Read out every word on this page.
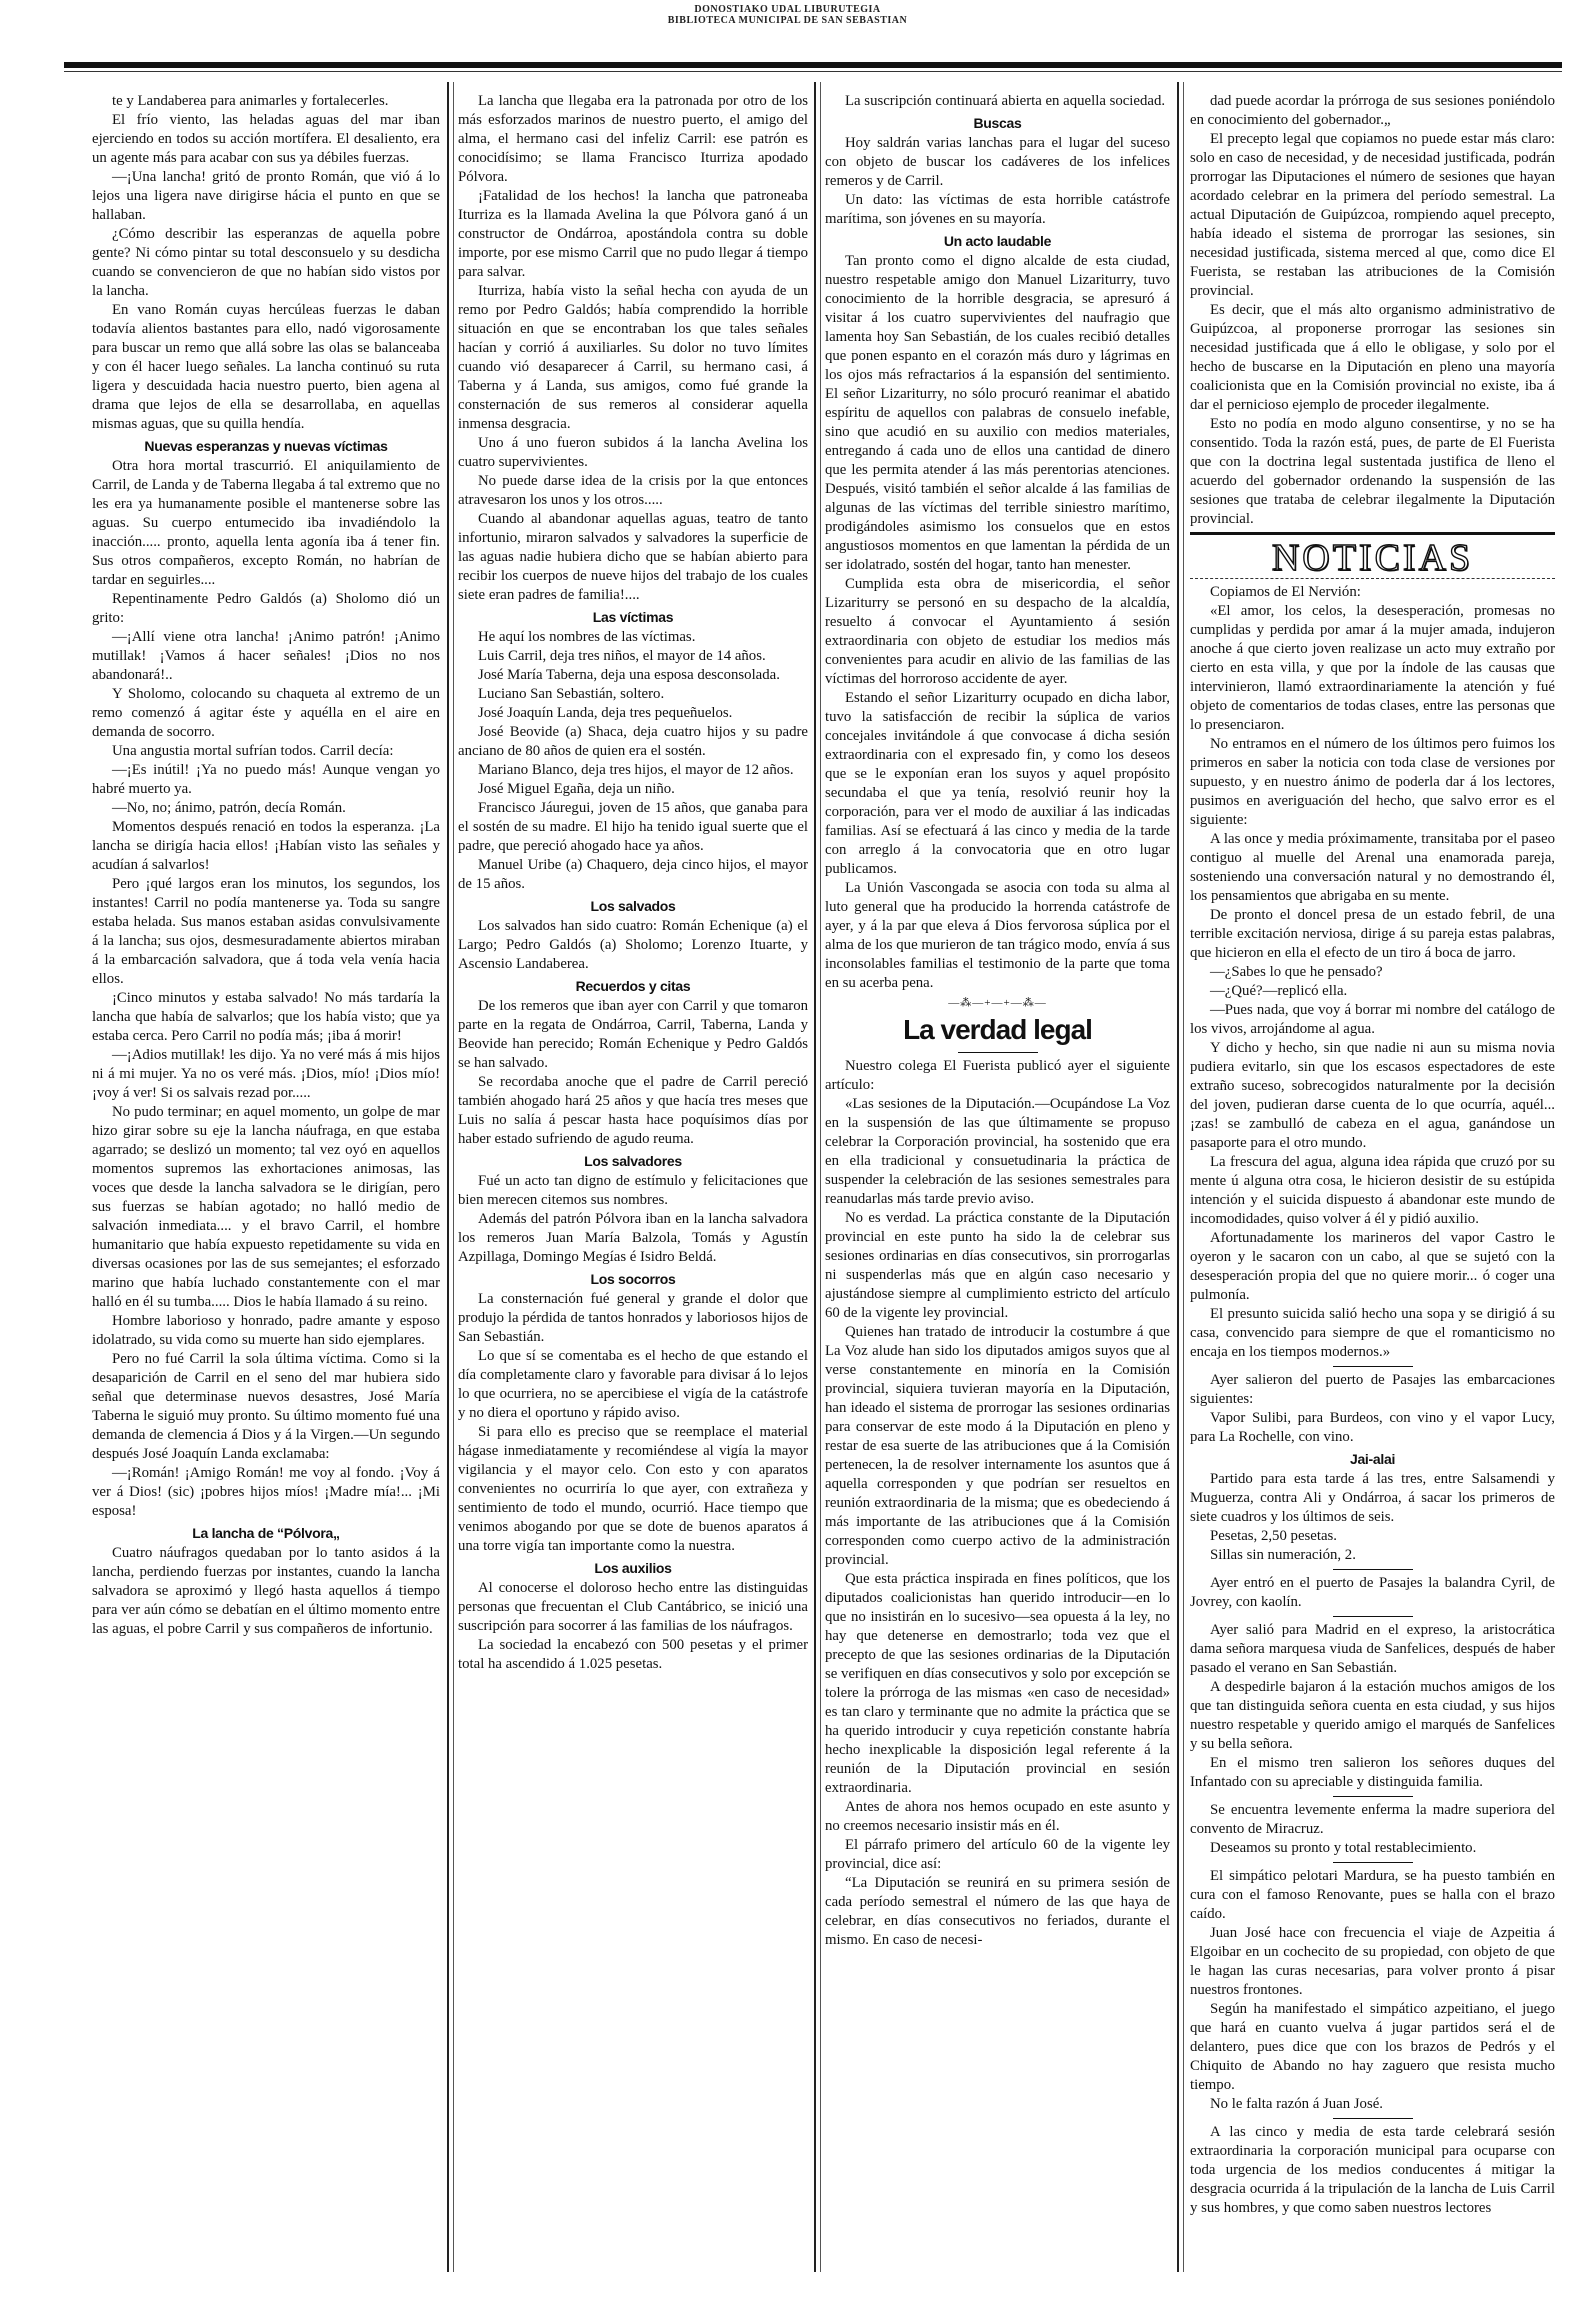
DONOSTIAKO UDAL LIBURUTEGIA
BIBLIOTECA MUNICIPAL DE SAN SEBASTIAN

te y Landaberea para animarles y fortalecerles.

El frío viento, las heladas aguas del mar iban ejerciendo en todos su acción mortífera. El desaliento, era un agente más para acabar con sus ya débiles fuerzas.

—¡Una lancha! gritó de pronto Román, que vió á lo lejos una ligera nave dirigirse hácia el punto en que se hallaban.

¿Cómo describir las esperanzas de aquella pobre gente? Ni cómo pintar su total desconsuelo y su desdicha cuando se convencieron de que no habían sido vistos por la lancha.

En vano Román cuyas hercúleas fuerzas le daban todavía alientos bastantes para ello, nadó vigorosamente para buscar un remo que allá sobre las olas se balanceaba y con él hacer luego señales. La lancha continuó su ruta ligera y descuidada hacia nuestro puerto, bien agena al drama que lejos de ella se desarrollaba, en aquellas mismas aguas, que su quilla hendía.

Nuevas esperanzas y nuevas víctimas

Otra hora mortal trascurrió. El aniquilamiento de Carril, de Landa y de Taberna llegaba á tal extremo que no les era ya humanamente posible el mantenerse sobre las aguas. Su cuerpo entumecido iba invadiéndolo la inacción..... pronto, aquella lenta agonía iba á tener fin. Sus otros compañeros, excepto Román, no habrían de tardar en seguirles....

Repentinamente Pedro Galdós (a) Sholomo dió un grito:

—¡Allí viene otra lancha! ¡Animo patrón! ¡Animo mutillak! ¡Vamos á hacer señales! ¡Dios no nos abandonará!..

Y Sholomo, colocando su chaqueta al extremo de un remo comenzó á agitar éste y aquélla en el aire en demanda de socorro.

Una angustia mortal sufrían todos. Carril decía:

—¡Es inútil! ¡Ya no puedo más! Aunque vengan yo habré muerto ya.

—No, no; ánimo, patrón, decía Román.

Momentos después renació en todos la esperanza. ¡La lancha se dirigía hacia ellos! ¡Habían visto las señales y acudían á salvarlos!

Pero ¡qué largos eran los minutos, los segundos, los instantes! Carril no podía mantenerse ya. Toda su sangre estaba helada. Sus manos estaban asidas convulsivamente á la lancha; sus ojos, desmesuradamente abiertos miraban á la embarcación salvadora, que á toda vela venía hacia ellos.

¡Cinco minutos y estaba salvado! No más tardaría la lancha que había de salvarlos; que los había visto; que ya estaba cerca. Pero Carril no podía más; ¡iba á morir!

—¡Adios mutillak! les dijo. Ya no veré más á mis hijos ni á mi mujer. Ya no os veré más. ¡Dios, mío! ¡Dios mío! ¡voy á ver! Si os salvais rezad por.....

No pudo terminar; en aquel momento, un golpe de mar hizo girar sobre su eje la lancha náufraga, en que estaba agarrado; se deslizó un momento; tal vez oyó en aquellos momentos supremos las exhortaciones animosas, las voces que desde la lancha salvadora se le dirigían, pero sus fuerzas se habían agotado; no halló medio de salvación inmediata.... y el bravo Carril, el hombre humanitario que había expuesto repetidamente su vida en diversas ocasiones por las de sus semejantes; el esforzado marino que había luchado constantemente con el mar halló en él su tumba..... Dios le había llamado á su reino.

Hombre laborioso y honrado, padre amante y esposo idolatrado, su vida como su muerte han sido ejemplares.

Pero no fué Carril la sola última víctima. Como si la desaparición de Carril en el seno del mar hubiera sido señal que determinase nuevos desastres, José María Taberna le siguió muy pronto. Su último momento fué una demanda de clemencia á Dios y á la Virgen.—Un segundo después José Joaquín Landa exclamaba:

—¡Román! ¡Amigo Román! me voy al fondo. ¡Voy á ver á Dios! (sic) ¡pobres hijos míos! ¡Madre mía!... ¡Mi esposa!

La lancha de “Pólvora„

Cuatro náufragos quedaban por lo tanto asidos á la lancha, perdiendo fuerzas por instantes, cuando la lancha salvadora se aproximó y llegó hasta aquellos á tiempo para ver aún cómo se debatían en el último momento entre las aguas, el pobre Carril y sus compañeros de infortunio.

La lancha que llegaba era la patronada por otro de los más esforzados marinos de nuestro puerto, el amigo del alma, el hermano casi del infeliz Carril: ese patrón es conocidísimo; se llama Francisco Iturriza apodado Pólvora.

¡Fatalidad de los hechos! la lancha que patroneaba Iturriza es la llamada Avelina la que Pólvora ganó á un constructor de Ondárroa, apostándola contra su doble importe, por ese mismo Carril que no pudo llegar á tiempo para salvar.

Iturriza, había visto la señal hecha con ayuda de un remo por Pedro Galdós; había comprendido la horrible situación en que se encontraban los que tales señales hacían y corrió á auxiliarles. Su dolor no tuvo límites cuando vió desaparecer á Carril, su hermano casi, á Taberna y á Landa, sus amigos, como fué grande la consternación de sus remeros al considerar aquella inmensa desgracia.

Uno á uno fueron subidos á la lancha Avelina los cuatro supervivientes.

No puede darse idea de la crisis por la que entonces atravesaron los unos y los otros.....

Cuando al abandonar aquellas aguas, teatro de tanto infortunio, miraron salvados y salvadores la superficie de las aguas nadie hubiera dicho que se habían abierto para recibir los cuerpos de nueve hijos del trabajo de los cuales siete eran padres de familia!....

Las víctimas

He aquí los nombres de las víctimas.

Luis Carril, deja tres niños, el mayor de 14 años.

José María Taberna, deja una esposa desconsolada.

Luciano San Sebastián, soltero.

José Joaquín Landa, deja tres pequeñuelos.

José Beovide (a) Shaca, deja cuatro hijos y su padre anciano de 80 años de quien era el sostén.

Mariano Blanco, deja tres hijos, el mayor de 12 años.

José Miguel Egaña, deja un niño.

Francisco Jáuregui, joven de 15 años, que ganaba para el sostén de su madre. El hijo ha tenido igual suerte que el padre, que pereció ahogado hace ya años.

Manuel Uribe (a) Chaquero, deja cinco hijos, el mayor de 15 años.

Los salvados

Los salvados han sido cuatro: Román Echenique (a) el Largo; Pedro Galdós (a) Sholomo; Lorenzo Ituarte, y Ascensio Landaberea.

Recuerdos y citas

De los remeros que iban ayer con Carril y que tomaron parte en la regata de Ondárroa, Carril, Taberna, Landa y Beovide han perecido; Román Echenique y Pedro Galdós se han salvado.

Se recordaba anoche que el padre de Carril pereció también ahogado hará 25 años y que hacía tres meses que Luis no salía á pescar hasta hace poquísimos días por haber estado sufriendo de agudo reuma.

Los salvadores

Fué un acto tan digno de estímulo y felicitaciones que bien merecen citemos sus nombres.

Además del patrón Pólvora iban en la lancha salvadora los remeros Juan María Balzola, Tomás y Agustín Azpillaga, Domingo Megías é Isidro Beldá.

Los socorros

La consternación fué general y grande el dolor que produjo la pérdida de tantos honrados y laboriosos hijos de San Sebastián.

Lo que sí se comentaba es el hecho de que estando el día completamente claro y favorable para divisar á lo lejos lo que ocurriera, no se apercibiese el vigía de la catástrofe y no diera el oportuno y rápido aviso.

Si para ello es preciso que se reemplace el material hágase inmediatamente y recomiéndese al vigía la mayor vigilancia y el mayor celo. Con esto y con aparatos convenientes no ocurriría lo que ayer, con extrañeza y sentimiento de todo el mundo, ocurrió. Hace tiempo que venimos abogando por que se dote de buenos aparatos á una torre vigía tan importante como la nuestra.

Los auxilios

Al conocerse el doloroso hecho entre las distinguidas personas que frecuentan el Club Cantábrico, se inició una suscripción para socorrer á las familias de los náufragos.

La sociedad la encabezó con 500 pesetas y el primer total ha ascendido á 1.025 pesetas.

La suscripción continuará abierta en aquella sociedad.

Buscas

Hoy saldrán varias lanchas para el lugar del suceso con objeto de buscar los cadáveres de los infelices remeros y de Carril.

Un dato: las víctimas de esta horrible catástrofe marítima, son jóvenes en su mayoría.

Un acto laudable

Tan pronto como el digno alcalde de esta ciudad, nuestro respetable amigo don Manuel Lizariturry, tuvo conocimiento de la horrible desgracia, se apresuró á visitar á los cuatro supervivientes del naufragio que lamenta hoy San Sebastián, de los cuales recibió detalles que ponen espanto en el corazón más duro y lágrimas en los ojos más refractarios á la espansión del sentimiento. El señor Lizariturry, no sólo procuró reanimar el abatido espíritu de aquellos con palabras de consuelo inefable, sino que acudió en su auxilio con medios materiales, entregando á cada uno de ellos una cantidad de dinero que les permita atender á las más perentorias atenciones. Después, visitó también el señor alcalde á las familias de algunas de las víctimas del terrible siniestro marítimo, prodigándoles asimismo los consuelos que en estos angustiosos momentos en que lamentan la pérdida de un ser idolatrado, sostén del hogar, tanto han menester.

Cumplida esta obra de misericordia, el señor Lizariturry se personó en su despacho de la alcaldía, resuelto á convocar el Ayuntamiento á sesión extraordinaria con objeto de estudiar los medios más convenientes para acudir en alivio de las familias de las víctimas del horroroso accidente de ayer.

Estando el señor Lizariturry ocupado en dicha labor, tuvo la satisfacción de recibir la súplica de varios concejales invitándole á que convocase á dicha sesión extraordinaria con el expresado fin, y como los deseos que se le exponían eran los suyos y aquel propósito secundaba el que ya tenía, resolvió reunir hoy la corporación, para ver el modo de auxiliar á las indicadas familias. Así se efectuará á las cinco y media de la tarde con arreglo á la convocatoria que en otro lugar publicamos.

La Unión Vascongada se asocia con toda su alma al luto general que ha producido la horrenda catástrofe de ayer, y á la par que eleva á Dios fervorosa súplica por el alma de los que murieron de tan trágico modo, envía á sus inconsolables familias el testimonio de la parte que toma en su acerba pena.

—⁂—+—+—⁂—
La verdad legal

Nuestro colega El Fuerista publicó ayer el siguiente artículo:

«Las sesiones de la Diputación.—Ocupándose La Voz en la suspensión de las que últimamente se propuso celebrar la Corporación provincial, ha sostenido que era en ella tradicional y consuetudinaria la práctica de suspender la celebración de las sesiones semestrales para reanudarlas más tarde previo aviso.

No es verdad. La práctica constante de la Diputación provincial en este punto ha sido la de celebrar sus sesiones ordinarias en días consecutivos, sin prorrogarlas ni suspenderlas más que en algún caso necesario y ajustándose siempre al cumplimiento estricto del artículo 60 de la vigente ley provincial.

Quienes han tratado de introducir la costumbre á que La Voz alude han sido los diputados amigos suyos que al verse constantemente en minoría en la Comisión provincial, siquiera tuvieran mayoría en la Diputación, han ideado el sistema de prorrogar las sesiones ordinarias para conservar de este modo á la Diputación en pleno y restar de esa suerte de las atribuciones que á la Comisión pertenecen, la de resolver internamente los asuntos que á aquella corresponden y que podrían ser resueltos en reunión extraordinaria de la misma; que es obedeciendo á más importante de las atribuciones que á la Comisión corresponden como cuerpo activo de la administración provincial.

Que esta práctica inspirada en fines políticos, que los diputados coalicionistas han querido introducir—en lo que no insistirán en lo sucesivo—sea opuesta á la ley, no hay que detenerse en demostrarlo; toda vez que el precepto de que las sesiones ordinarias de la Diputación se verifiquen en días consecutivos y solo por excepción se tolere la prórroga de las mismas «en caso de necesidad» es tan claro y terminante que no admite la práctica que se ha querido introducir y cuya repetición constante habría hecho inexplicable la disposición legal referente á la reunión de la Diputación provincial en sesión extraordinaria.

Antes de ahora nos hemos ocupado en este asunto y no creemos necesario insistir más en él.

El párrafo primero del artículo 60 de la vigente ley provincial, dice así:

“La Diputación se reunirá en su primera sesión de cada período semestral el número de las que haya de celebrar, en días consecutivos no feriados, durante el mismo. En caso de necesi-

dad puede acordar la prórroga de sus sesiones poniéndolo en conocimiento del gobernador.„

El precepto legal que copiamos no puede estar más claro: solo en caso de necesidad, y de necesidad justificada, podrán prorrogar las Diputaciones el número de sesiones que hayan acordado celebrar en la primera del período semestral. La actual Diputación de Guipúzcoa, rompiendo aquel precepto, había ideado el sistema de prorrogar las sesiones, sin necesidad justificada, sistema merced al que, como dice El Fuerista, se restaban las atribuciones de la Comisión provincial.

Es decir, que el más alto organismo administrativo de Guipúzcoa, al proponerse prorrogar las sesiones sin necesidad justificada que á ello le obligase, y solo por el hecho de buscarse en la Diputación en pleno una mayoría coalicionista que en la Comisión provincial no existe, iba á dar el pernicioso ejemplo de proceder ilegalmente.

Esto no podía en modo alguno consentirse, y no se ha consentido. Toda la razón está, pues, de parte de El Fuerista que con la doctrina legal sustentada justifica de lleno el acuerdo del gobernador ordenando la suspensión de las sesiones que trataba de celebrar ilegalmente la Diputación provincial.

NOTICIAS

Copiamos de El Nervión:

«El amor, los celos, la desesperación, promesas no cumplidas y perdida por amar á la mujer amada, indujeron anoche á que cierto joven realizase un acto muy extraño por cierto en esta villa, y que por la índole de las causas que intervinieron, llamó extraordinariamente la atención y fué objeto de comentarios de todas clases, entre las personas que lo presenciaron.

No entramos en el número de los últimos pero fuimos los primeros en saber la noticia con toda clase de versiones por supuesto, y en nuestro ánimo de poderla dar á los lectores, pusimos en averiguación del hecho, que salvo error es el siguiente:

A las once y media próximamente, transitaba por el paseo contiguo al muelle del Arenal una enamorada pareja, sosteniendo una conversación natural y no demostrando él, los pensamientos que abrigaba en su mente.

De pronto el doncel presa de un estado febril, de una terrible excitación nerviosa, dirige á su pareja estas palabras, que hicieron en ella el efecto de un tiro á boca de jarro.

—¿Sabes lo que he pensado?

—¿Qué?—replicó ella.

—Pues nada, que voy á borrar mi nombre del catálogo de los vivos, arrojándome al agua.

Y dicho y hecho, sin que nadie ni aun su misma novia pudiera evitarlo, sin que los escasos espectadores de este extraño suceso, sobrecogidos naturalmente por la decisión del joven, pudieran darse cuenta de lo que ocurría, aquél... ¡zas! se zambulló de cabeza en el agua, ganándose un pasaporte para el otro mundo.

La frescura del agua, alguna idea rápida que cruzó por su mente ú alguna otra cosa, le hicieron desistir de su estúpida intención y el suicida dispuesto á abandonar este mundo de incomodidades, quiso volver á él y pidió auxilio.

Afortunadamente los marineros del vapor Castro le oyeron y le sacaron con un cabo, al que se sujetó con la desesperación propia del que no quiere morir... ó coger una pulmonía.

El presunto suicida salió hecho una sopa y se dirigió á su casa, convencido para siempre de que el romanticismo no encaja en los tiempos modernos.»

Ayer salieron del puerto de Pasajes las embarcaciones siguientes:

Vapor Sulibi, para Burdeos, con vino y el vapor Lucy, para La Rochelle, con vino.

Jai-alai

Partido para esta tarde á las tres, entre Salsamendi y Muguerza, contra Ali y Ondárroa, á sacar los primeros de siete cuadros y los últimos de seis.

Pesetas, 2,50 pesetas.

Sillas sin numeración, 2.

Ayer entró en el puerto de Pasajes la balandra Cyril, de Jovrey, con kaolín.

Ayer salió para Madrid en el expreso, la aristocrática dama señora marquesa viuda de Sanfelices, después de haber pasado el verano en San Sebastián.

A despedirle bajaron á la estación muchos amigos de los que tan distinguida señora cuenta en esta ciudad, y sus hijos nuestro respetable y querido amigo el marqués de Sanfelices y su bella señora.

En el mismo tren salieron los señores duques del Infantado con su apreciable y distinguida familia.

Se encuentra levemente enferma la madre superiora del convento de Miracruz.

Deseamos su pronto y total restablecimiento.

El simpático pelotari Mardura, se ha puesto también en cura con el famoso Renovante, pues se halla con el brazo caído.

Juan José hace con frecuencia el viaje de Azpeitia á Elgoibar en un cochecito de su propiedad, con objeto de que le hagan las curas necesarias, para volver pronto á pisar nuestros frontones.

Según ha manifestado el simpático azpeitiano, el juego que hará en cuanto vuelva á jugar partidos será el de delantero, pues dice que con los brazos de Pedrós y el Chiquito de Abando no hay zaguero que resista mucho tiempo.

No le falta razón á Juan José.

A las cinco y media de esta tarde celebrará sesión extraordinaria la corporación municipal para ocuparse con toda urgencia de los medios conducentes á mitigar la desgracia ocurrida á la tripulación de la lancha de Luis Carril y sus hombres, y que como saben nuestros lectores
